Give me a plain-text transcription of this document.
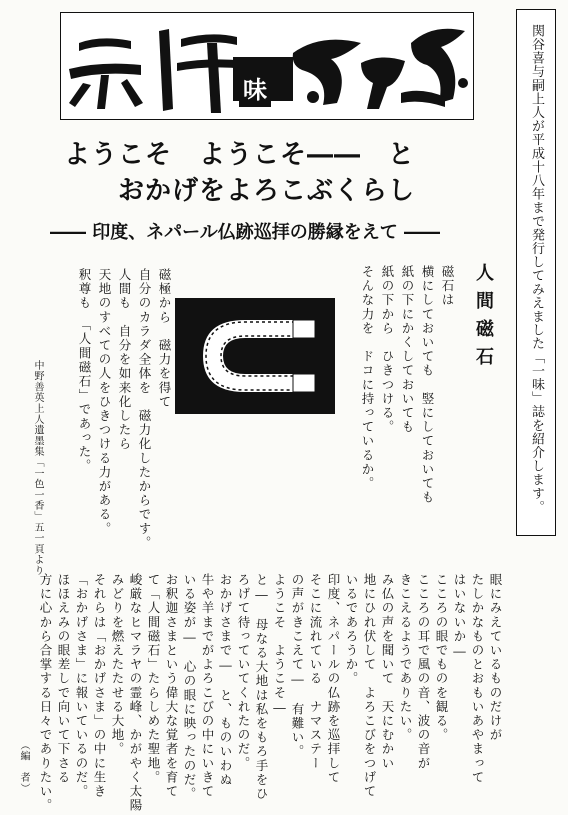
関谷喜与嗣上人が平成十八年まで発行してみえました「一味」誌を紹介します。
味
ようこそ　ようこそ――　と
おかげをよろこぶくらし
―― 印度、ネパール仏跡巡拝の勝縁をえて ――
人間磁石
磁石は
横にしておいても　竪にしておいても
紙の下にかくしておいても
紙の下から　ひきつける。
そんな力を　ドコに持っているか。
磁極から　磁力を得て
自分のカラダ全体を　磁力化したからです。
人間も　自分を如来化したら
天地のすべての人をひきつける力がある。
釈尊も　「人間磁石」であった。
中野善英上人遺墨集「一色一香」五一頁より
眼にみえているものだけが
たしかなものとおもいあやまって
はいないか―
こころの眼でものを観る。
こころの耳で風の音、波の音が
きこえるようでありたい。
み仏の声を聞いて　天にむかい
地にひれ伏して　よろこびをつげて
いるであろうか。
印度、ネパールの仏跡を巡拝して
そこに流れている　ナマステー
の声がきこえて―　有難い。
ようこそ　ようこそ―
と―　母なる大地は私をもろ手をひ
ろげて待っていてくれたのだ。
おかげさまで―　と、ものいわぬ
牛や羊までがよろこびの中にいきて
いる姿が―　心の眼に映ったのだ。
お釈迦さまという偉大な覚者を育て
て「人間磁石」たらしめた聖地。
峻厳なヒマラヤの霊峰、かがやく太陽
みどりを燃えたたせる大地。
それらは「おかげさま」の中に生き
「おかげさま」に報いているのだ。
ほほえみの眼差しで向いて下さる
方に心から合掌する日々でありたい。
（編　者）
